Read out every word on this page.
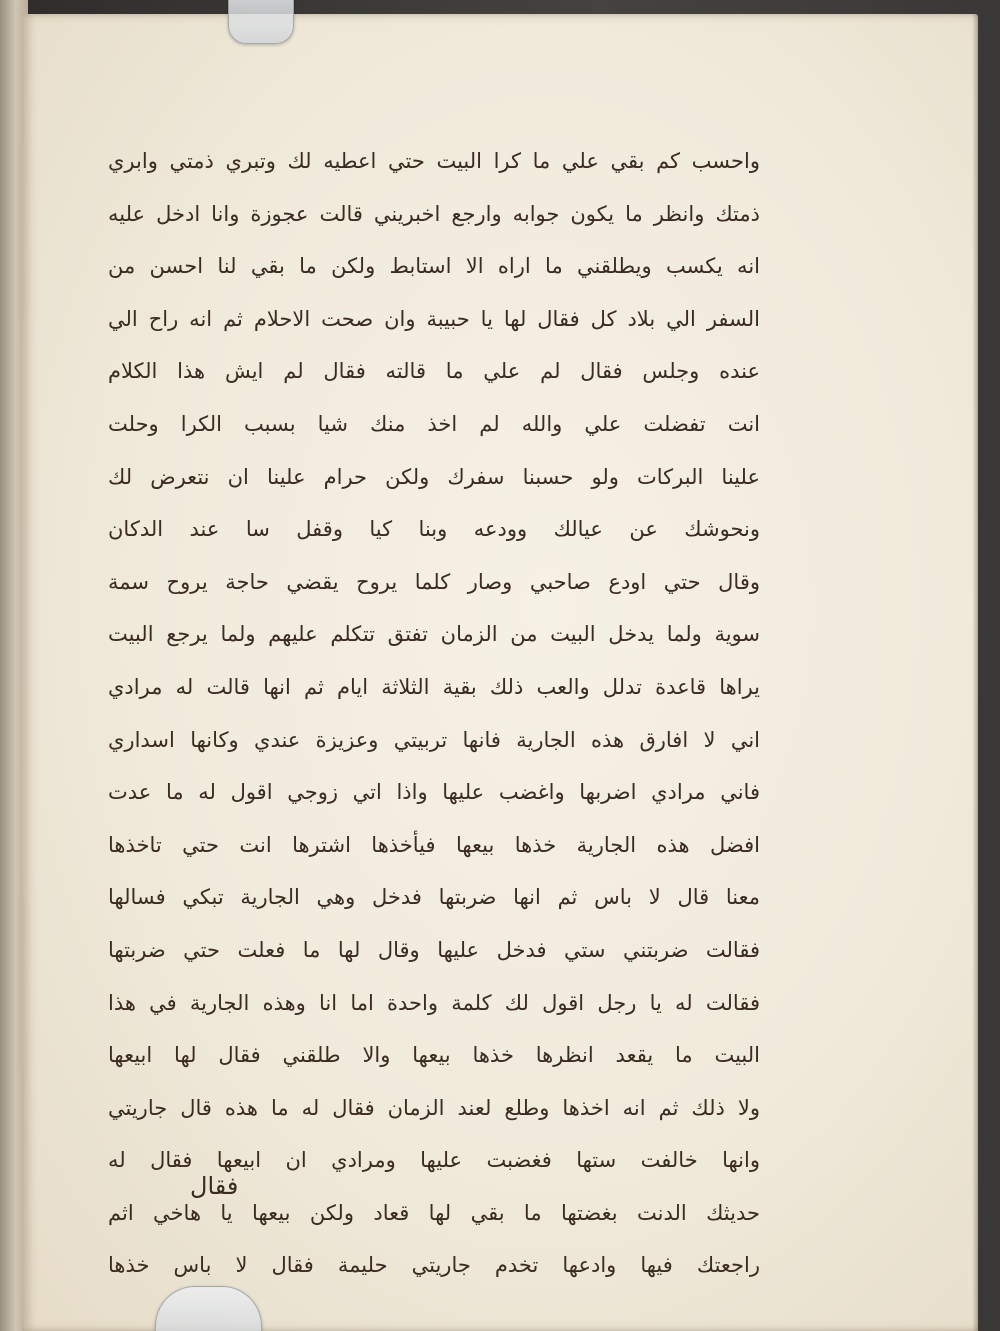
واحسب كم بقي علي ما كرا البيت حتي اعطيه لك وتبري ذمتي وابري
ذمتك وانظر ما يكون جوابه وارجع اخبريني قالت عجوزة وانا ادخل عليه
انه يكسب ويطلقني ما اراه الا استابط ولكن ما بقي لنا احسن من
السفر الي بلاد كل فقال لها يا حبيبة وان صحت الاحلام ثم انه راح الي
عنده وجلس فقال لم علي ما قالته فقال لم ايش هذا الكلام
انت تفضلت علي والله لم اخذ منك شيا بسبب الكرا وحلت
علينا البركات ولو حسبنا سفرك ولكن حرام علينا ان نتعرض لك
ونحوشك عن عيالك وودعه وبنا كيا وقفل سا عند الدكان
وقال حتي اودع صاحبي وصار كلما يروح يقضي حاجة يروح سمة
سوية ولما يدخل البيت من الزمان تفتق تتكلم عليهم ولما يرجع البيت
يراها قاعدة تدلل والعب ذلك بقية الثلاثة ايام ثم انها قالت له مرادي
اني لا افارق هذه الجارية فانها تربيتي وعزيزة عندي وكانها اسداري
فاني مرادي اضربها واغضب عليها واذا اتي زوجي اقول له ما عدت
افضل هذه الجارية خذها بيعها فيأخذها اشترها انت حتي تاخذها
معنا قال لا باس ثم انها ضربتها فدخل وهي الجارية تبكي فسالها
فقالت ضربتني ستي فدخل عليها وقال لها ما فعلت حتي ضربتها
فقالت له يا رجل اقول لك كلمة واحدة اما انا وهذه الجارية في هذا
البيت ما يقعد انظرها خذها بيعها والا طلقني فقال لها ابيعها
ولا ذلك ثم انه اخذها وطلع لعند الزمان فقال له ما هذه قال جاريتي
وانها خالفت ستها فغضبت عليها ومرادي ان ابيعها فقال له
حديثك الدنت بغضتها ما بقي لها قعاد ولكن بيعها يا هاخي اثم
راجعتك فيها وادعها تخدم جاريتي حليمة فقال لا باس خذها
فقال
